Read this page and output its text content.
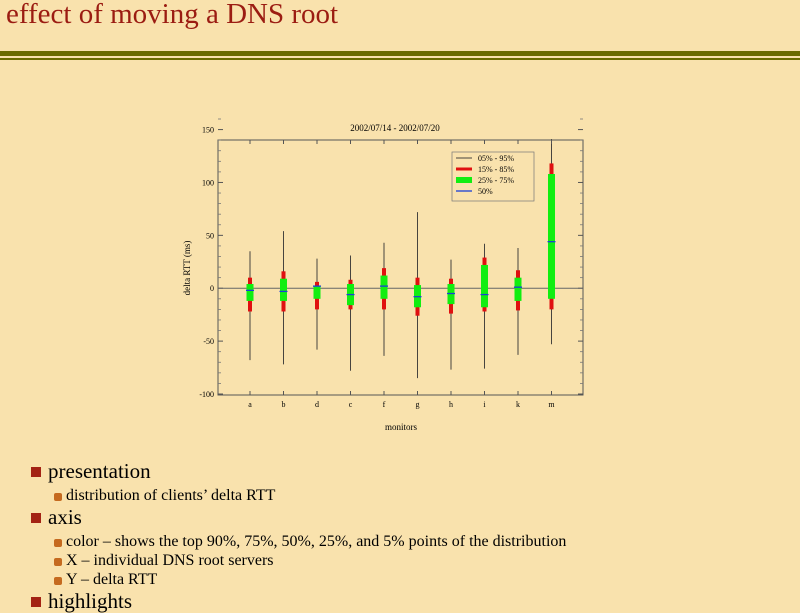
effect of moving a DNS root
2002/07/14 - 2002/07/20
-100
-50
0
50
100
150
a	b	d	c	f	g	h	i	k	m
monitors
delta RTT (ms)
05% - 95%
15% - 85%
25% - 75%
50%
presentation
distribution of clients’ delta RTT
axis
color – shows the top 90%, 75%, 50%, 25%, and 5% points of the distribution
X – individual DNS root servers
Y – delta RTT
highlights
